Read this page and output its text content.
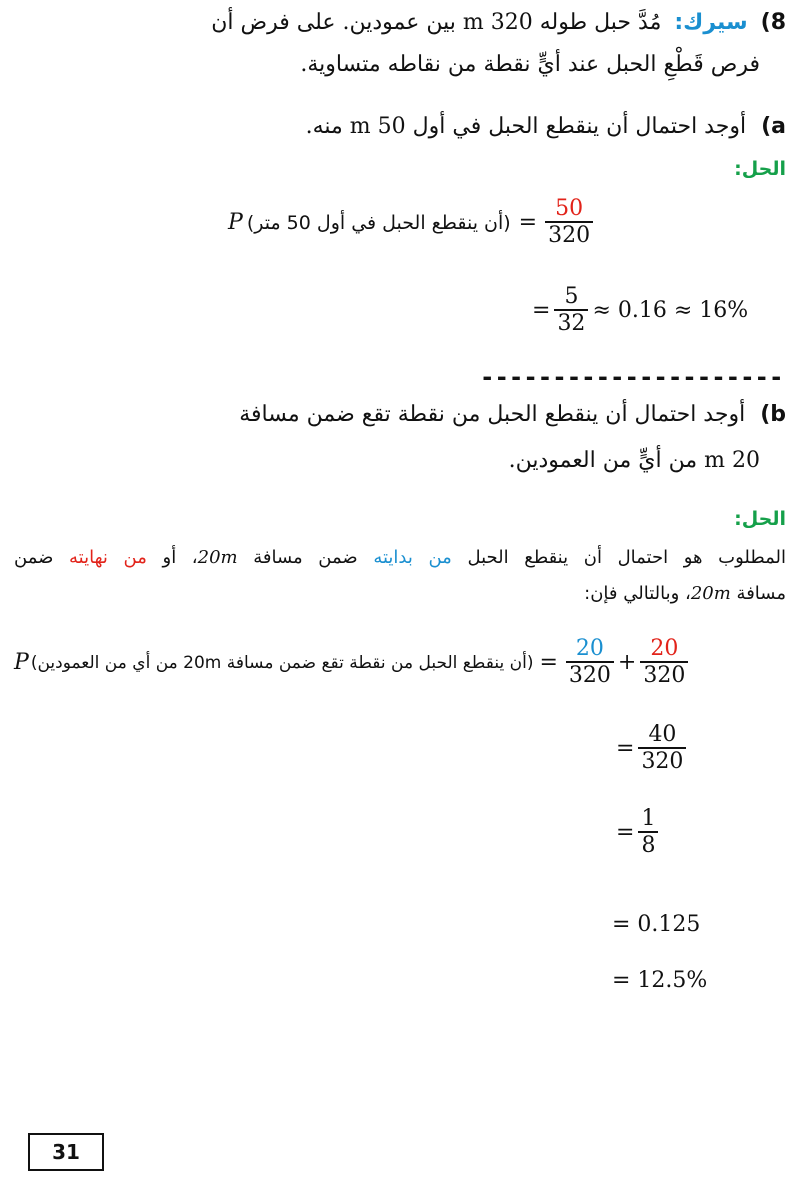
8) سيرك: مُدَّ حبل طوله 320 m بين عمودين. على فرض أن
فرص قَطْعِ الحبل عند أيٍّ نقطة من نقاطه متساوية.
a) أوجد احتمال أن ينقطع الحبل في أول 50 m منه.
الحل:
P (أن ينقطع الحبل في أول 50 متر) = $\frac{50}{320}$
= $\frac{5}{32} \approx 0.16 \approx 16\%$
---------------------
b) أوجد احتمال أن ينقطع الحبل من نقطة تقع ضمن مسافة
20 m من أيٍّ من العمودين.
الحل:
المطلوب هو احتمال أن ينقطع الحبل من بدايته ضمن مسافة 20m، أو من نهايته ضمن
مسافة 20m، وبالتالي فإن:
P (أن ينقطع الحبل من نقطة تقع ضمن مسافة 20m من أي من العمودين) = $\frac{20}{320} + \frac{20}{320}$
= $\frac{40}{320}$
= $\frac{1}{8}$
= 0.125
= 12.5%
31
